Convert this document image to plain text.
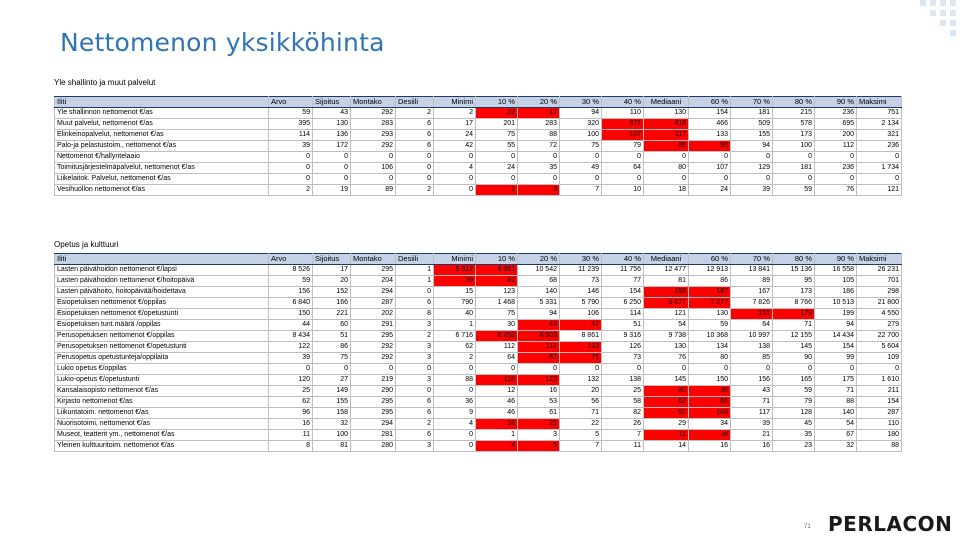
Nettomenon yksikköhinta
Yle shallinto ja muut palvelut
Iliti	Arvo	Sijoitus	Montako	Desiili	Minimi	10 %	20 %	30 %	40 %	Mediaani	60 %	70 %	80 %	90 %	Maksimi
Yle shallinnon nettomenot €/as	59	43	292	2	2	22	17	94	110	130	154	181	215	236	751
Muut palvelut, nettomenot €/as	395	130	283	6	17	201	283	320	371	418	466	509	578	695	2 134
Elinkeinopalvelut, nettomenot €/as	114	136	293	6	24	75	88	100	107	117	133	155	173	200	321
Palo-ja pelastustoim., nettomenot €/as	39	172	292	6	42	55	72	75	79	85	90	94	100	112	236
Nettomenot €/hallyntelaaio	0	0	0	0	0	0	0	0	0	0	0	0	0	0	0
Toimitusjärjestelmäpalvelut, nettomenot €/as	0	0	106	0	4	24	35	49	64	80	107	129	181	236	1 734
Liikelaitok. Palvelut, nettomenot €/as	0	0	0	0	0	0	0	0	0	0	0	0	0	0	0
Vesihuollon nettomenot €/as	2	19	89	2	0	1	3	7	10	18	24	39	59	76	121
Opetus ja kulttuuri
Iliti	Arvo	Sijoitus	Montako	Desiili	Minimi	10 %	20 %	30 %	40 %	Mediaani	60 %	70 %	80 %	90 %	Maksimi
Lasten päivähoidon nettomenot €/lapsi	8 526	17	295	1	5 912	9 851	10 542	11 239	11 756	12 477	12 913	13 841	15 136	16 558	26 231
Lasten päivähoidon nettomenot €/hoitopäivä	59	20	204	1	39	61	68	73	77	81	86	89	95	105	701
Lasten päivähoito, hoitopäivää/hoidettava	156	152	294	0	15	123	140	146	154	158	167	167	173	186	298
Esiopetuksen nettomenot €/oppilas	6 840	166	287	6	790	1 468	5 331	5 790	6 250	6 677	7 277	7 826	8 766	10 513	21 800
Esiopetuksen nettomenot €/opetustunti	150	221	202	8	40	75	94	106	114	121	130	151	173	199	4 550
Esiopetuksen tunt.määrä /oppilas	44	60	291	3	1	30	43	47	51	54	59	64	71	94	279
Perusopetuksen nettomenot €/oppilas	8 434	51	295	2	6 716	8 293	8 603	8 861	9 316	9 738	10 368	10 997	12 155	14 434	22 700
Perusopetuksen nettomenot €/opetustunti	122	86	292	3	62	112	117	123	126	130	134	138	145	154	5 604
Perusopetus opetustunteja/oppilaita	39	75	292	3	2	64	67	71	73	76	80	85	90	99	109
Lukio opetus €/oppilas	0	0	0	0	0	0	0	0	0	0	0	0	0	0	0
Lukio-opetus €/opetustunti	120	27	219	3	88	116	122	132	138	145	150	156	165	175	1 610
Kansalaisopisto nettomenot €/as	25	149	290	0	0	12	16	20	25	30	36	43	59	71	211
Kirjasto nettomenot €/as	62	155	295	6	36	46	53	56	58	62	66	71	79	88	154
Liikuntatoim. nettomenot €/as	96	158	295	6	9	46	61	71	82	92	104	117	128	140	287
Nuorisotoimi, nettomenot €/as	16	32	294	2	4	16	21	22	26	29	34	39	45	54	110
Museot, teatterit ym., nettomenot €/as	11	100	281	6	0	1	3	5	7	11	16	21	35	67	180
Yleinen kulttuuritoim. nettomenot €/as	8	81	280	3	0	4	5	7	11	14	16	16	23	32	88
71 PERLACON
